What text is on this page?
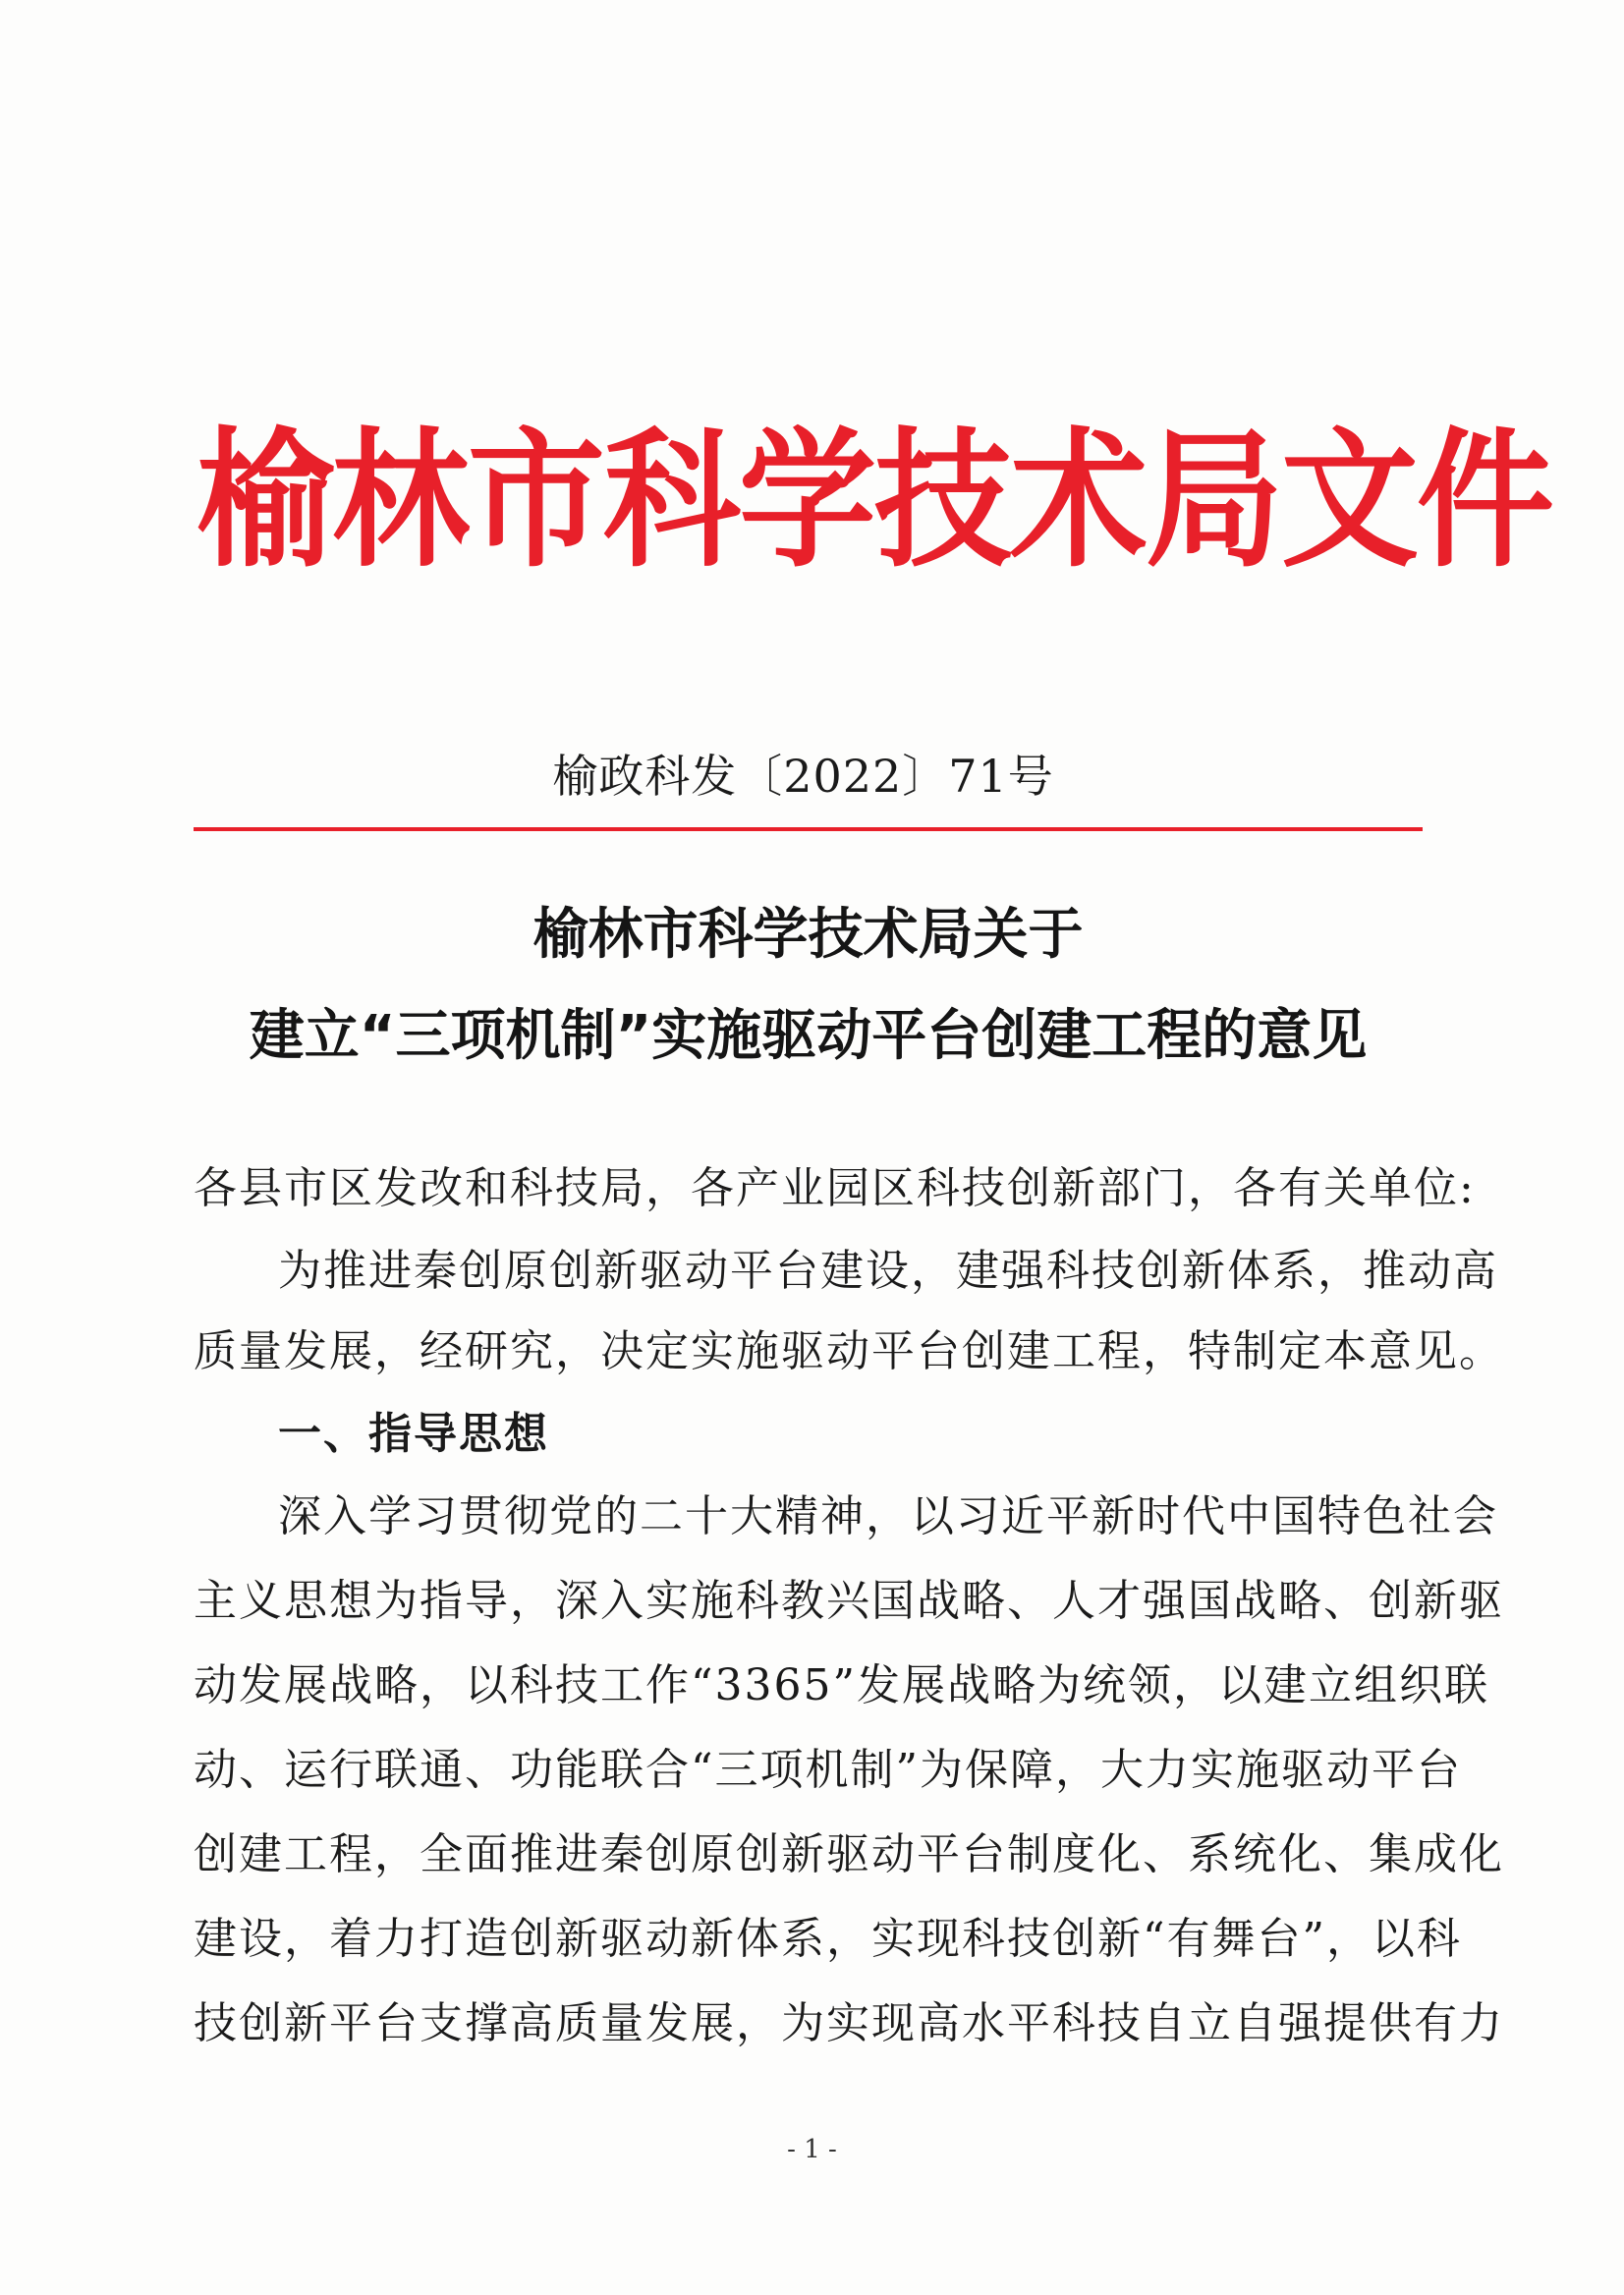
榆林市科学技术局文件
榆政科发〔2022〕71号
榆林市科学技术局关于
建立“三项机制”实施驱动平台创建工程的意见
各县市区发改和科技局，各产业园区科技创新部门，各有关单位:
为推进秦创原创新驱动平台建设，建强科技创新体系，推动高
质量发展，经研究，决定实施驱动平台创建工程，特制定本意见。
一、指导思想
深入学习贯彻党的二十大精神，以习近平新时代中国特色社会
主义思想为指导，深入实施科教兴国战略、人才强国战略、创新驱
动发展战略，以科技工作“3365”发展战略为统领，以建立组织联
动、运行联通、功能联合“三项机制”为保障，大力实施驱动平台
创建工程，全面推进秦创原创新驱动平台制度化、系统化、集成化
建设，着力打造创新驱动新体系，实现科技创新“有舞台”，以科
技创新平台支撑高质量发展，为实现高水平科技自立自强提供有力
- 1 -
